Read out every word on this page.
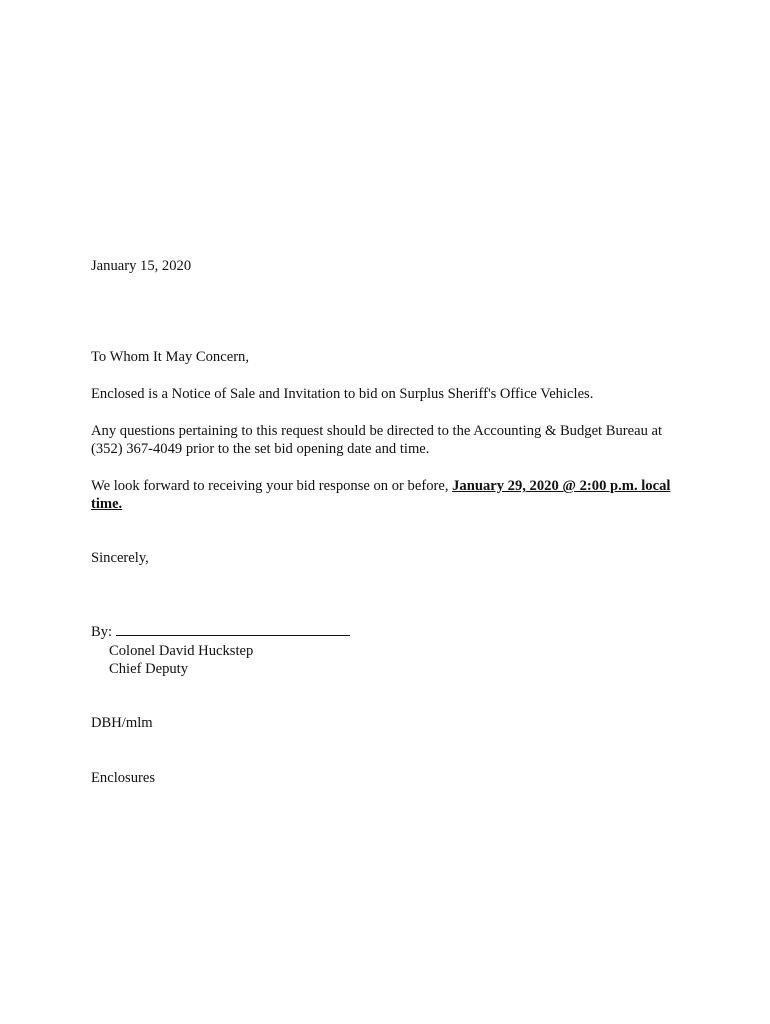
January 15, 2020
To Whom It May Concern,
Enclosed is a Notice of Sale and Invitation to bid on Surplus Sheriff's Office Vehicles.
Any questions pertaining to this request should be directed to the Accounting & Budget Bureau at
(352) 367-4049 prior to the set bid opening date and time.
We look forward to receiving your bid response on or before, January 29, 2020 @ 2:00 p.m. local
time.
Sincerely,
By:
Colonel David Huckstep
Chief Deputy
DBH/mlm
Enclosures
